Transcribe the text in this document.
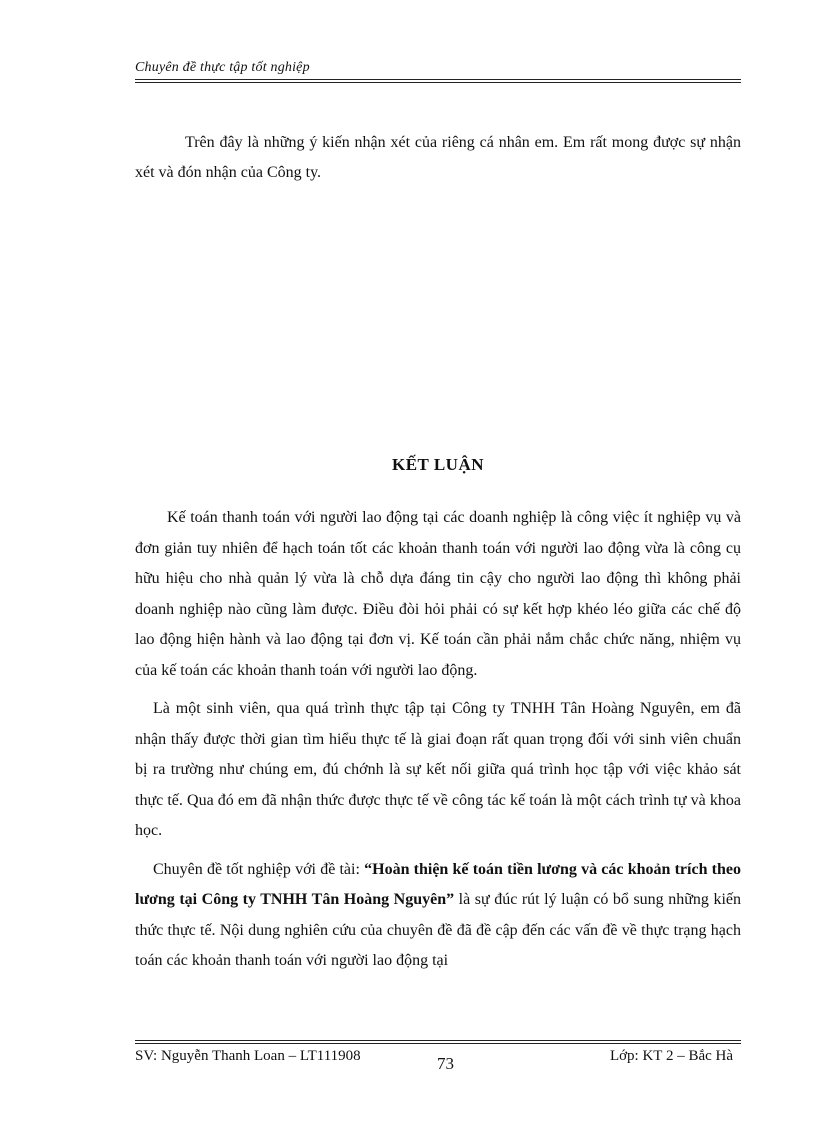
Chuyên đề thực tập tốt nghiệp

Trên đây là những ý kiến nhận xét của riêng cá nhân em. Em rất mong được sự nhận xét và đón nhận của Công ty.

KẾT LUẬN

Kế toán thanh toán với người lao động tại các doanh nghiệp là công việc ít nghiệp vụ và đơn giản tuy nhiên để hạch toán tốt các khoản thanh toán với người lao động vừa là công cụ hữu hiệu cho nhà quản lý vừa là chỗ dựa đáng tin cậy cho người lao động thì không phải doanh nghiệp nào cũng làm được. Điều đòi hỏi phải có sự kết hợp khéo léo giữa các chế độ lao động hiện hành và lao động tại đơn vị. Kế toán cần phải nắm chắc chức năng, nhiệm vụ của kế toán các khoản thanh toán với người lao động.

Là một sinh viên, qua quá trình thực tập tại Công ty TNHH Tân Hoàng Nguyên, em đã nhận thấy được thời gian tìm hiểu thực tế là giai đoạn rất quan trọng đối với sinh viên chuẩn bị ra trường như chúng em, đú chớnh là sự kết nối giữa quá trình học tập với việc khảo sát thực tế. Qua đó em đã nhận thức được thực tế về công tác kế toán là một cách trình tự và khoa học.

Chuyên đề tốt nghiệp với đề tài: “Hoàn thiện kế toán tiền lương và các khoản trích theo lương tại Công ty TNHH Tân Hoàng Nguyên” là sự đúc rút lý luận có bổ sung những kiến thức thực tế. Nội dung nghiên cứu của chuyên đề đã đề cập đến các vấn đề về thực trạng hạch toán các khoản thanh toán với người lao động tại

SV: Nguyễn Thanh Loan – LT111908	73	Lớp: KT 2 – Bắc Hà
